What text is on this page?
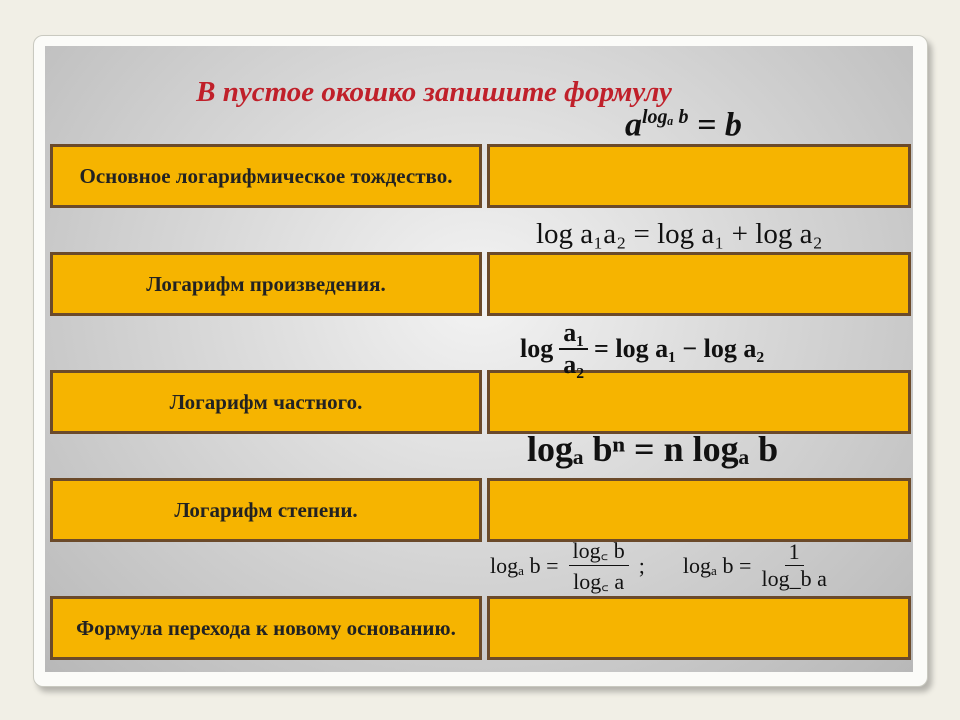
В пустое окошко запишите формулу
Основное логарифмическое тождество.
Логарифм произведения.
Логарифм частного.
Логарифм степени.
Формула перехода к новому основанию.
$a^{log_a b} = b$
log a₁a₂ = log a₁ + log a₂
$\log \frac{\text{a₁}}{\text{a₂}} = \log a_1 - \log a_2$
logₐ bⁿ = n logₐ b
logₐ $b = \frac{\log꜀ b}{\log꜀ a}$ ; logₐ $b = \frac{1}{\text{log\_b a}}$
